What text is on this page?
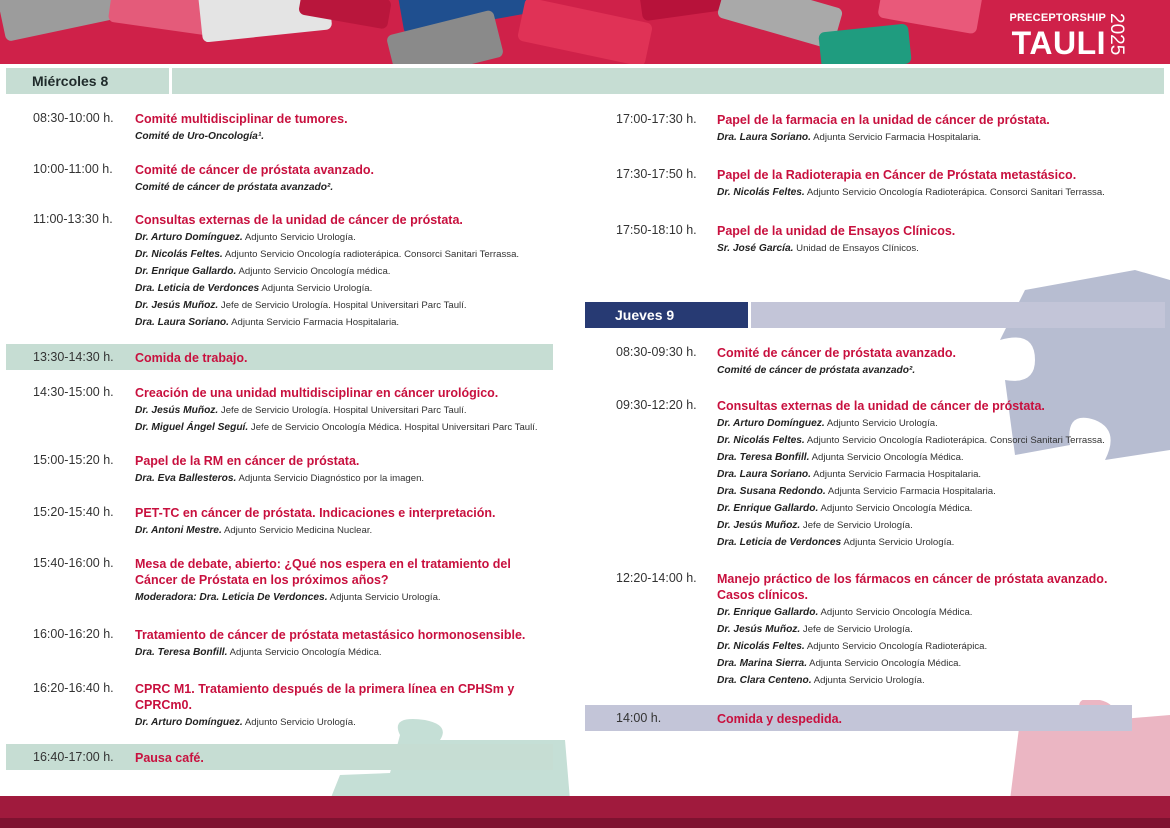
PRECEPTORSHIP
TAULI 2025
Miércoles 8
08:30-10:00 h. Comité multidisciplinar de tumores.
Comité de Uro-Oncología¹.
10:00-11:00 h. Comité de cáncer de próstata avanzado.
Comité de cáncer de próstata avanzado².
11:00-13:30 h. Consultas externas de la unidad de cáncer de próstata.
Dr. Arturo Domínguez. Adjunto Servicio Urología.
Dr. Nicolás Feltes. Adjunto Servicio Oncología radioterápica. Consorci Sanitari Terrassa.
Dr. Enrique Gallardo. Adjunto Servicio Oncología médica.
Dra. Leticia de Verdonces Adjunta Servicio Urología.
Dr. Jesús Muñoz. Jefe de Servicio Urología. Hospital Universitari Parc Taulí.
Dra. Laura Soriano. Adjunta Servicio Farmacia Hospitalaria.
13:30-14:30 h. Comida de trabajo.
14:30-15:00 h. Creación de una unidad multidisciplinar en cáncer urológico.
Dr. Jesús Muñoz. Jefe de Servicio Urología. Hospital Universitari Parc Taulí.
Dr. Miguel Ángel Seguí. Jefe de Servicio Oncología Médica. Hospital Universitari Parc Taulí.
15:00-15:20 h. Papel de la RM en cáncer de próstata.
Dra. Eva Ballesteros. Adjunta Servicio Diagnóstico por la imagen.
15:20-15:40 h. PET-TC en cáncer de próstata. Indicaciones e interpretación.
Dr. Antoni Mestre. Adjunto Servicio Medicina Nuclear.
15:40-16:00 h. Mesa de debate, abierto: ¿Qué nos espera en el tratamiento del
Cáncer de Próstata en los próximos años?
Moderadora: Dra. Leticia De Verdonces. Adjunta Servicio Urología.
16:00-16:20 h. Tratamiento de cáncer de próstata metastásico hormonosensible.
Dra. Teresa Bonfill. Adjunta Servicio Oncología Médica.
16:20-16:40 h. CPRC M1. Tratamiento después de la primera línea en CPHSm y
CPRCm0.
Dr. Arturo Domínguez. Adjunto Servicio Urología.
16:40-17:00 h. Pausa café.
17:00-17:30 h. Papel de la farmacia en la unidad de cáncer de próstata.
Dra. Laura Soriano. Adjunta Servicio Farmacia Hospitalaria.
17:30-17:50 h. Papel de la Radioterapia en Cáncer de Próstata metastásico.
Dr. Nicolás Feltes. Adjunto Servicio Oncología Radioterápica. Consorci Sanitari Terrassa.
17:50-18:10 h. Papel de la unidad de Ensayos Clínicos.
Sr. José García. Unidad de Ensayos Clínicos.
Jueves 9
08:30-09:30 h. Comité de cáncer de próstata avanzado.
Comité de cáncer de próstata avanzado².
09:30-12:20 h. Consultas externas de la unidad de cáncer de próstata.
Dr. Arturo Domínguez. Adjunto Servicio Urología.
Dr. Nicolás Feltes. Adjunto Servicio Oncología Radioterápica. Consorci Sanitari Terrassa.
Dra. Teresa Bonfill. Adjunta Servicio Oncología Médica.
Dra. Laura Soriano. Adjunta Servicio Farmacia Hospitalaria.
Dra. Susana Redondo. Adjunta Servicio Farmacia Hospitalaria.
Dr. Enrique Gallardo. Adjunto Servicio Oncología Médica.
Dr. Jesús Muñoz. Jefe de Servicio Urología.
Dra. Leticia de Verdonces Adjunta Servicio Urología.
12:20-14:00 h. Manejo práctico de los fármacos en cáncer de próstata avanzado.
Casos clínicos.
Dr. Enrique Gallardo. Adjunto Servicio Oncología Médica.
Dr. Jesús Muñoz. Jefe de Servicio Urología.
Dr. Nicolás Feltes. Adjunto Servicio Oncología Radioterápica.
Dra. Marina Sierra. Adjunta Servicio Oncología Médica.
Dra. Clara Centeno. Adjunta Servicio Urología.
14:00 h.	Comida y despedida.
